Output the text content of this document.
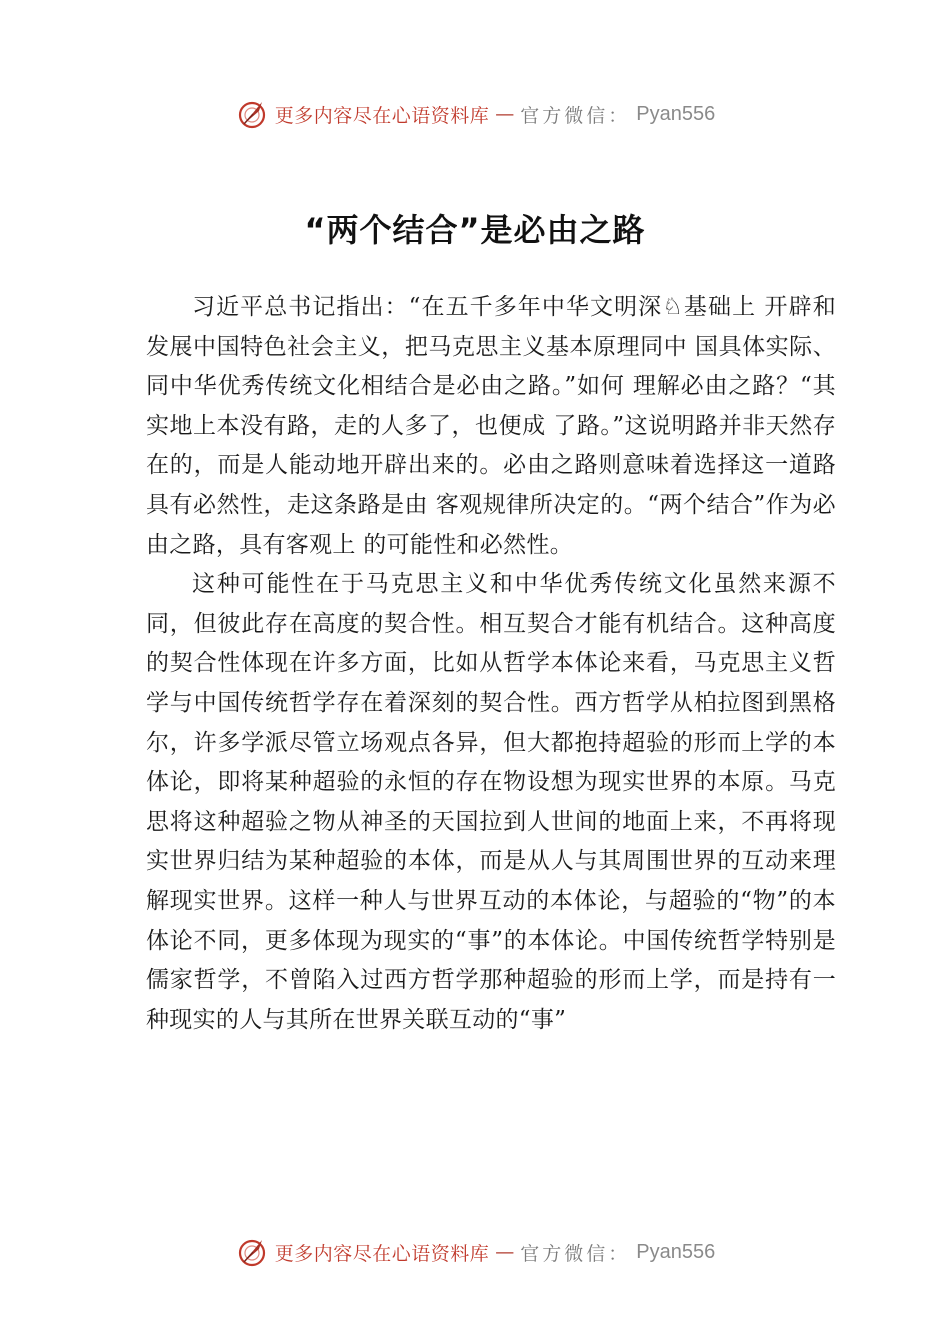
更多内容尽在心语资料库 — 官方微信： Pyan556
“两个结合”是必由之路

习近平总书记指出：“在五千多年中华文明深♘基础上 开辟和发展中国特色社会主义，把马克思主义基本原理同中 国具体实际、同中华优秀传统文化相结合是必由之路。”如何 理解必由之路？“其实地上本没有路，走的人多了，也便成 了路。”这说明路并非天然存在的，而是人能动地开辟出来的。必由之路则意味着选择这一道路具有必然性，走这条路是由 客观规律所决定的。“两个结合”作为必由之路，具有客观上 的可能性和必然性。

这种可能性在于马克思主义和中华优秀传统文化虽然来源不同，但彼此存在高度的契合性。相互契合才能有机结合。这种高度的契合性体现在许多方面，比如从哲学本体论来看，马克思主义哲学与中国传统哲学存在着深刻的契合性。西方哲学从柏拉图到黑格尔，许多学派尽管立场观点各异，但大都抱持超验的形而上学的本体论，即将某种超验的永恒的存在物设想为现实世界的本原。马克思将这种超验之物从神圣的天国拉到人世间的地面上来，不再将现实世界归结为某种超验的本体，而是从人与其周围世界的互动来理解现实世界。这样一种人与世界互动的本体论，与超验的“物”的本体论不同，更多体现为现实的“事”的本体论。中国传统哲学特别是儒家哲学，不曾陷入过西方哲学那种超验的形而上学，而是持有一种现实的人与其所在世界关联互动的“事”

更多内容尽在心语资料库 — 官方微信： Pyan556
